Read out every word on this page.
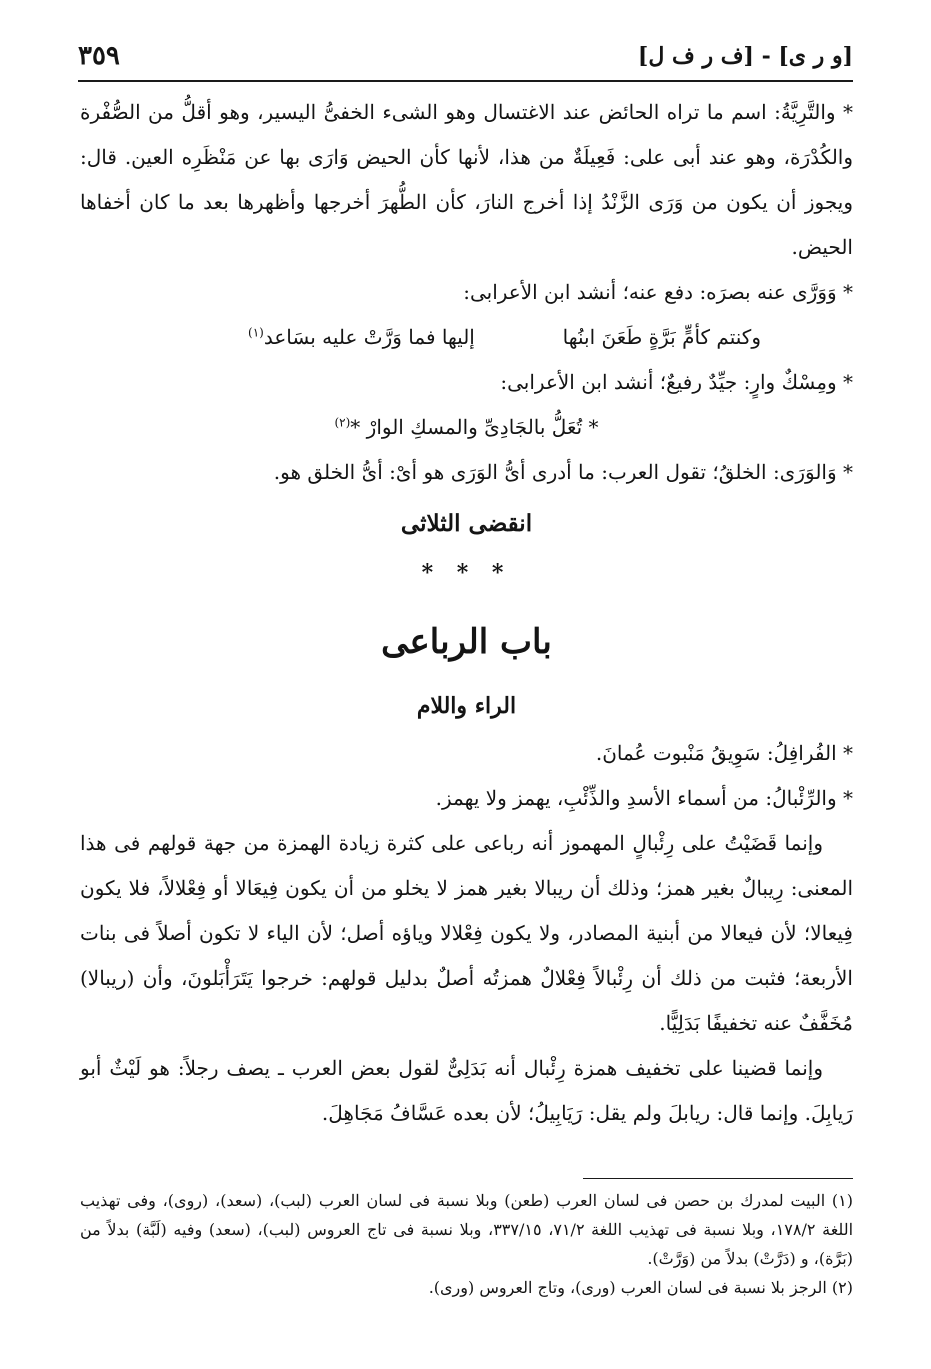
[و ر ى] - [ف ر ف ل]
٣٥٩

* والتَّرِيَّةُ: اسم ما تراه الحائض عند الاغتسال وهو الشىء الخفىُّ اليسير، وهو أقلُّ من الصُّفْرة والكُدْرَة، وهو عند أبى على: فَعِيلَةٌ من هذا، لأنها كأن الحيض وَارَى بها عن مَنْظَرِه العين. قال: ويجوز أن يكون من وَرَى الزَّنْدُ إذا أخرج النارَ، كأن الطُّهرَ أخرجها وأظهرها بعد ما كان أخفاها الحيض.

* وَوَرَّى عنه بصرَه: دفع عنه؛ أنشد ابن الأعرابى:

وكنتم كأمٍّ بَرَّةٍ طَعَنَ ابنُها
إليها فما وَرَّتْ عليه بسَاعد$^{(١)}$

* ومِسْكٌ وارٍ: جيِّدٌ رفيعٌ؛ أنشد ابن الأعرابى:

* تُعَلُّ بالجَادِىِّ والمسكِ الوارْ *$^{(٢)}$

* وَالوَرَى: الخلقُ؛ تقول العرب: ما أدرى أىُّ الوَرَى هو أىْ: أىُّ الخلق هو.

انقضى الثلاثى
* * *
باب الرباعى
الراء واللام

* الفُرافِلُ: سَوِيقُ مَنْبوت عُمانَ.

* والرِّئْبالُ: من أسماء الأسدِ والذِّئْبِ، يهمز ولا يهمز.

وإنما قَضَيْتُ على رِئْبالٍ المهموز أنه رباعى على كثرة زيادة الهمزة من جهة قولهم فى هذا المعنى: رِيبالٌ بغير همز؛ وذلك أن ريبالا بغير همز لا يخلو من أن يكون فِيعَالا أو فِعْلالاً، فلا يكون فِيعالا؛ لأن فيعالا من أبنية المصادر، ولا يكون فِعْلالا وياؤه أصل؛ لأن الياء لا تكون أصلاً فى بنات الأربعة؛ فثبت من ذلك أن رِئْبالاً فِعْلالٌ همزتُه أصلٌ بدليل قولهم: خرجوا يَتَرَأْبَلونَ، وأن (ريبالا) مُخَفَّفٌ عنه تخفيفًا بَدَلِيًّا.

وإنما قضينا على تخفيف همزة رِئْبال أنه بَدَلِىٌّ لقول بعض العرب ـ يصف رجلاً: هو لَيْثٌ أبو رَيابِلَ. وإنما قال: ريابلَ ولم يقل: رَيَابِيلُ؛ لأن بعده عَسَّافُ مَجَاهِلَ.

(١) البيت لمدرك بن حصن فى لسان العرب (طعن) وبلا نسبة فى لسان العرب (لبب)، (سعد)، (روى)، وفى تهذيب اللغة ١٧٨/٢، وبلا نسبة فى تهذيب اللغة ٧١/٢، ٣٣٧/١٥، وبلا نسبة فى تاج العروس (لبب)، (سعد) وفيه (لَبَّة) بدلاً من (بَرَّة)، و (دَرَّتْ) بدلاً من (وَرَّتْ).

(٢) الرجز بلا نسبة فى لسان العرب (ورى)، وتاج العروس (ورى).
